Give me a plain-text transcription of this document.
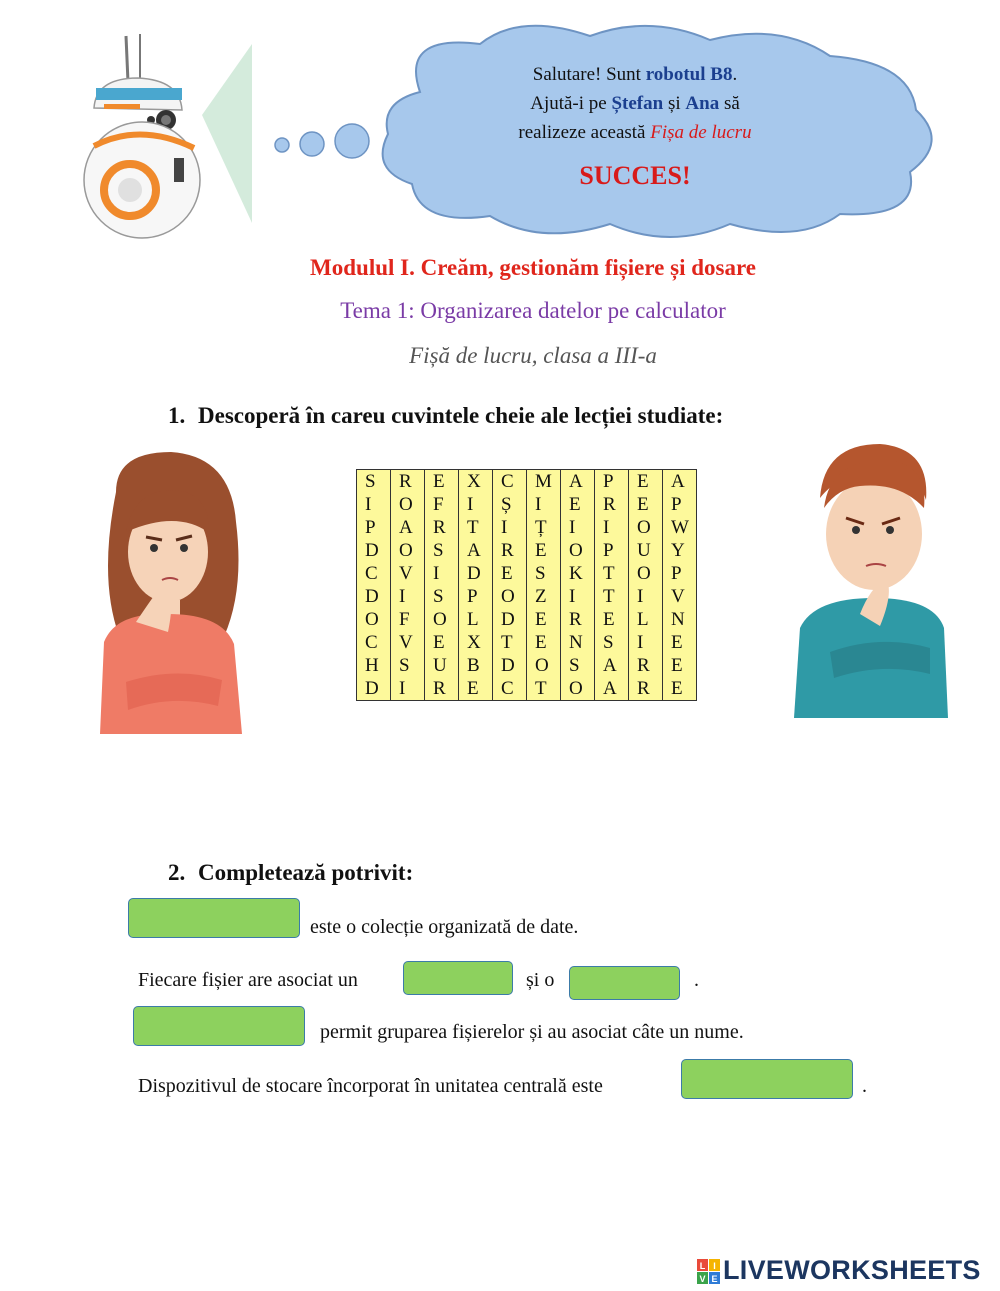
Salutare! Sunt robotul B8.
Ajută-i pe Ștefan și Ana să
realizeze această Fișa de lucru
SUCCES!
Modulul I. Creăm, gestionăm fișiere și dosare
Tema 1: Organizarea datelor pe calculator
Fișă de lucru, clasa a III-a
1. Descoperă în careu cuvintele cheie ale lecției studiate:
S	R	E	X	C	M	A	P	E	A
I	O	F	I	Ș	I	E	R	E	P
P	A	R	T	I	Ț	I	I	O	W
D	O	S	A	R	E	O	P	U	Y
C	V	I	D	E	S	K	T	O	P
D	I	S	P	O	Z	I	T	I	V
O	F	O	L	D	E	R	E	L	N
C	V	E	X	T	E	N	S	I	E
H	S	U	B	D	O	S	A	R	E
D	I	R	E	C	T	O	A	R	E
2. Completează potrivit:
este o colecție organizată de date.
Fiecare fișier are asociat un	și o	.
permit gruparea fișierelor și au asociat câte un nume.
Dispozitivul de stocare încorporat în unitatea centrală este	.
L I
V E LIVEWORKSHEETS
